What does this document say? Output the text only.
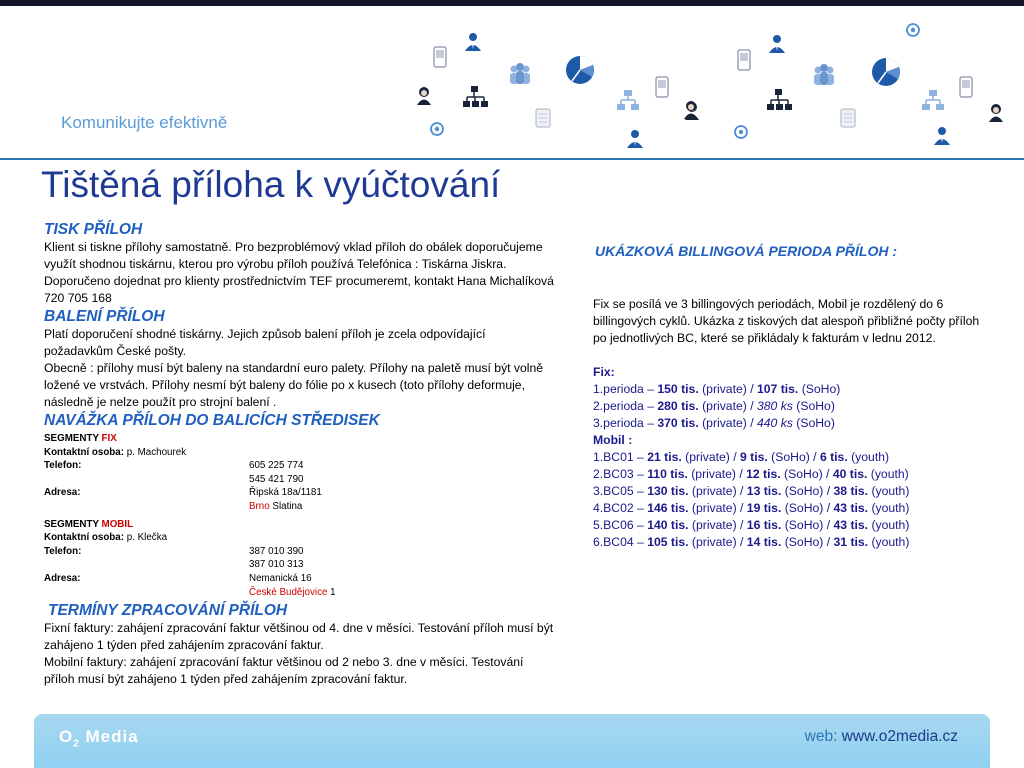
Komunikujte efektivně
Tištěná příloha k vyúčtování
TISK PŘÍLOH

Klient si tiskne přílohy samostatně. Pro bezproblémový vklad příloh do obálek doporučujeme využít shodnou tiskárnu, kterou pro výrobu příloh používá Telefónica : Tiskárna Jiskra. Doporučeno dojednat pro klienty prostřednictvím TEF procumeremt, kontakt Hana Michalíková 720 705 168

BALENÍ PŘÍLOH

Platí doporučení shodné tiskárny. Jejich způsob balení příloh je zcela odpovídající požadavkům České pošty.

Obecně : přílohy musí být baleny na standardní euro palety. Přílohy na paletě musí být volně ložené ve vrstvách. Přílohy nesmí být baleny do fólie po x kusech (toto přílohy deformuje, následně je nelze použít pro strojní balení .

NAVÁŽKA PŘÍLOH DO BALICÍCH STŘEDISEK
SEGMENTY FIX
Kontaktní osoba: p. Machourek
Telefon:	605 225 774
545 421 790
Adresa:	Řipská 18a/1181
Brno Slatina
SEGMENTY MOBIL
Kontaktní osoba: p. Klečka
Telefon:	387 010 390
387 010 313
Adresa:	Nemanická 16
České Budějovice 1
TERMÍNY ZPRACOVÁNÍ PŘÍLOH

Fixní faktury: zahájení zpracování faktur většinou od 4. dne v měsíci. Testování příloh musí být zahájeno 1 týden před zahájením zpracování faktur.

Mobilní faktury: zahájení zpracování faktur většinou od 2 nebo 3. dne v měsíci. Testování příloh musí být zahájeno 1 týden před zahájením zpracování faktur.

UKÁZKOVÁ BILLINGOVÁ PERIODA PŘÍLOH :

Fix se posílá ve 3 billingových periodách, Mobil je rozdělený do 6 billingových cyklů. Ukázka z tiskových dat alespoň přibližné počty příloh po jednotlivých BC, které se přikládaly k fakturám v lednu 2012.

Fix:
1.perioda – 150 tis. (private) / 107 tis. (SoHo)
2.perioda – 280 tis. (private) / 380 ks (SoHo)
3.perioda – 370 tis. (private) / 440 ks (SoHo)
Mobil :
1.BC01 – 21 tis. (private) / 9 tis. (SoHo) / 6 tis. (youth)
2.BC03 – 110 tis. (private) / 12 tis. (SoHo) / 40 tis. (youth)
3.BC05 – 130 tis. (private) / 13 tis. (SoHo) / 38 tis. (youth)
4.BC02 – 146 tis. (private) / 19 tis. (SoHo) / 43 tis. (youth)
5.BC06 – 140 tis. (private) / 16 tis. (SoHo) / 43 tis. (youth)
6.BC04 – 105 tis. (private) / 14 tis. (SoHo) / 31 tis. (youth)
$O_2$ Media	web: www.o2media.cz
